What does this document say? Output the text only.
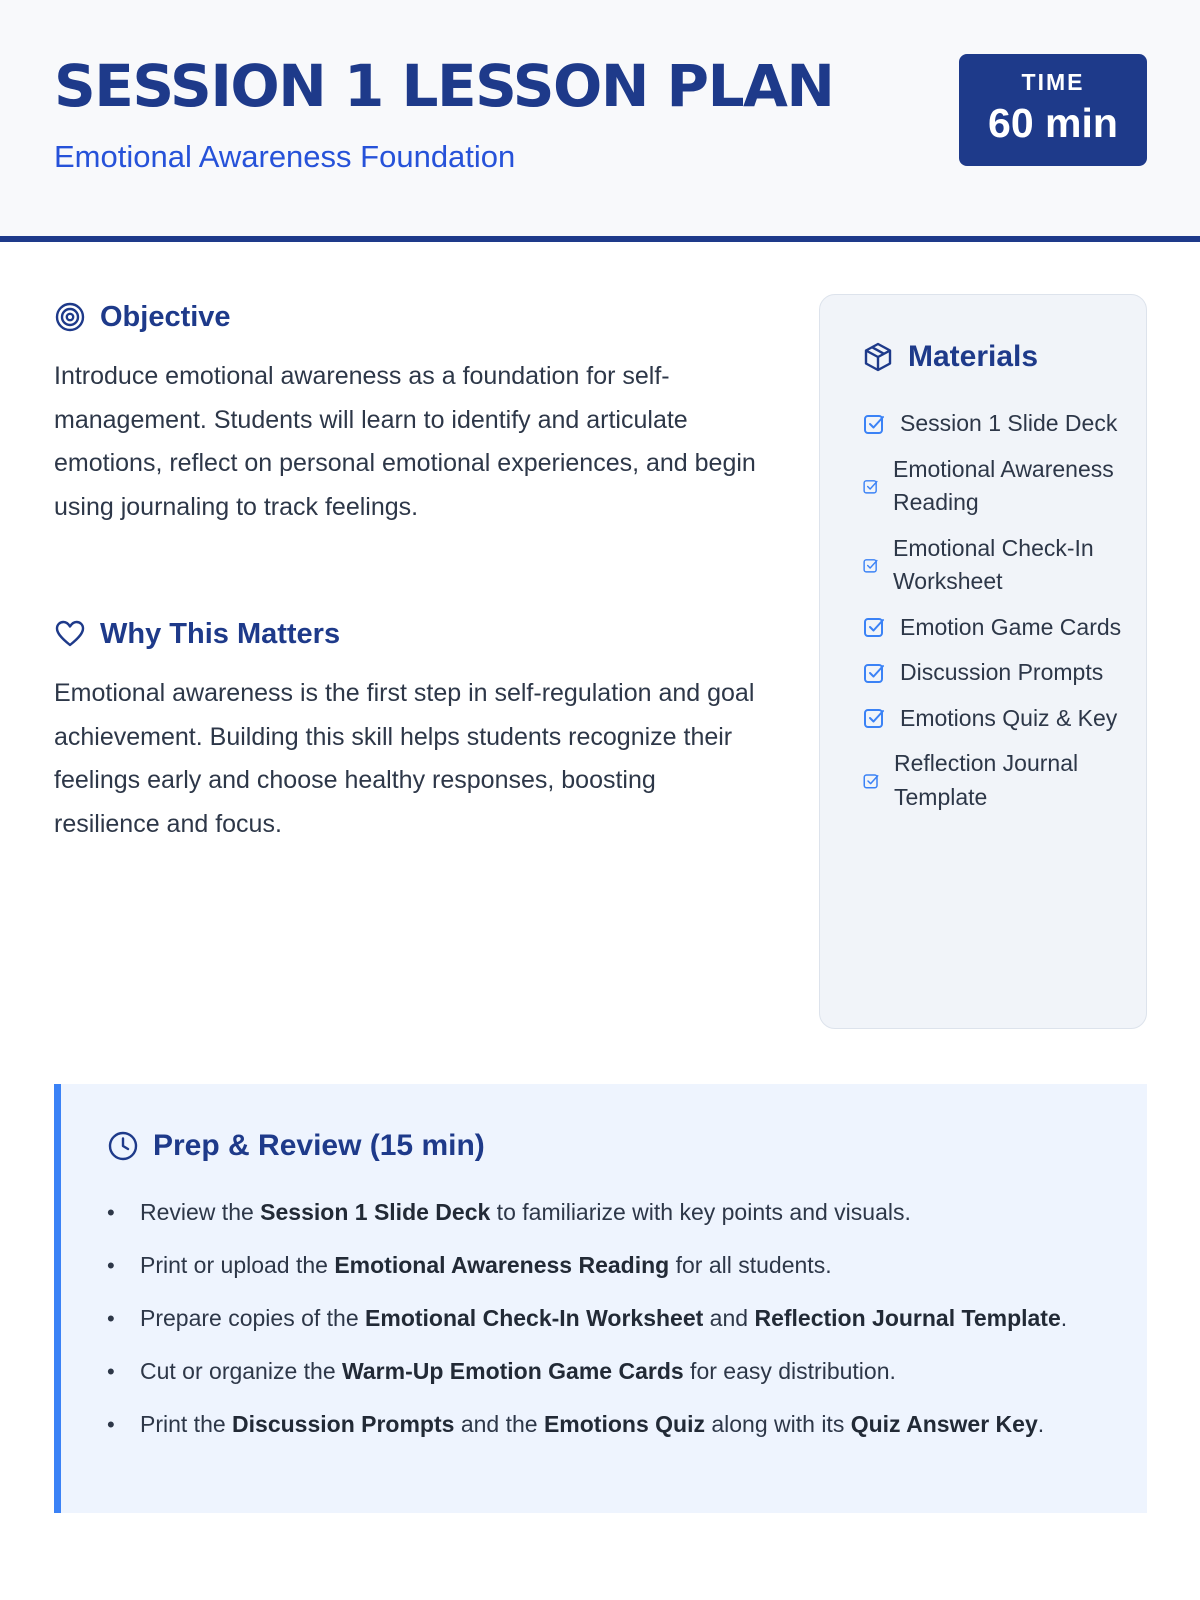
SESSION 1 LESSON PLAN
Emotional Awareness Foundation
TIME
60 min
Objective

Introduce emotional awareness as a foundation for self-management. Students will learn to identify and articulate emotions, reflect on personal emotional experiences, and begin using journaling to track feelings.

Why This Matters

Emotional awareness is the first step in self-regulation and goal achievement. Building this skill helps students recognize their feelings early and choose healthy responses, boosting resilience and focus.

Materials
Session 1 Slide Deck
Emotional Awareness Reading
Emotional Check-In Worksheet
Emotion Game Cards
Discussion Prompts
Emotions Quiz & Key
Reflection Journal Template
Prep & Review (15 min)
• Review the Session 1 Slide Deck to familiarize with key points and visuals.
• Print or upload the Emotional Awareness Reading for all students.
• Prepare copies of the Emotional Check-In Worksheet and Reflection Journal Template.
• Cut or organize the Warm-Up Emotion Game Cards for easy distribution.
• Print the Discussion Prompts and the Emotions Quiz along with its Quiz Answer Key.
